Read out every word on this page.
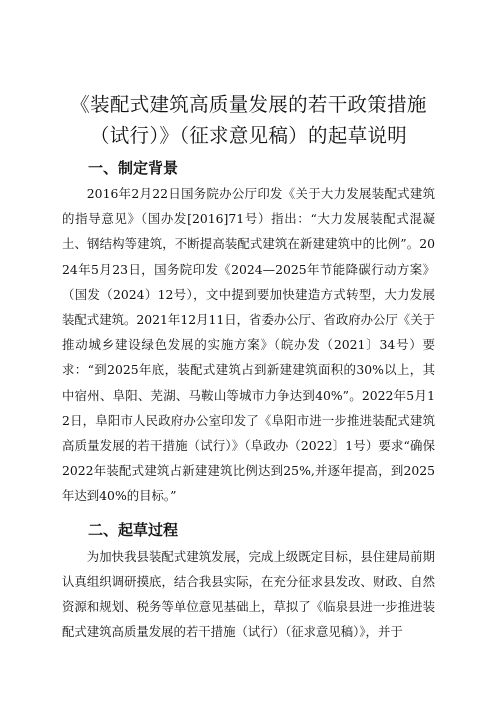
《装配式建筑高质量发展的若干政策措施
（试行）》（征求意见稿）的起草说明
一、制定背景

2016年2月22日国务院办公厅印发《关于大力发展装配式建筑的指导意见》（国办发[2016]71号）指出：“大力发展装配式混凝土、钢结构等建筑，不断提高装配式建筑在新建建筑中的比例”。2024年5月23日，国务院印发《2024—2025年节能降碳行动方案》（国发（2024）12号），文中提到要加快建造方式转型，大力发展装配式建筑。2021年12月11日，省委办公厅、省政府办公厅《关于推动城乡建设绿色发展的实施方案》（皖办发（2021〕34号）要求：“到2025年底，装配式建筑占到新建建筑面积的30%以上，其中宿州、阜阳、芜湖、马鞍山等城市力争达到40%”。2022年5月12日，阜阳市人民政府办公室印发了《阜阳市进一步推进装配式建筑高质量发展的若干措施（试行）》（阜政办（2022〕1号）要求“确保2022年装配式建筑占新建建筑比例达到25%,并逐年提高，到2025年达到40%的目标。”

二、起草过程

为加快我县装配式建筑发展，完成上级既定目标，县住建局前期认真组织调研摸底，结合我县实际，在充分征求县发改、财政、自然资源和规划、税务等单位意见基础上，草拟了《临泉县进一步推进装配式建筑高质量发展的若干措施（试行）（征求意见稿）》，并于
